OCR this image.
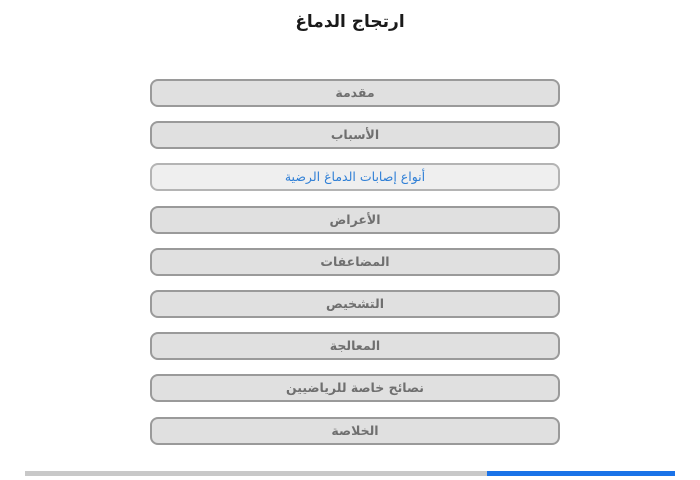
ارتجاج الدماغ
مقدمة
الأسباب
أنواع إصابات الدماغ الرضية
الأعراض
المضاعفات
التشخيص
المعالجة
نصائح خاصة للرياضيين
الخلاصة
